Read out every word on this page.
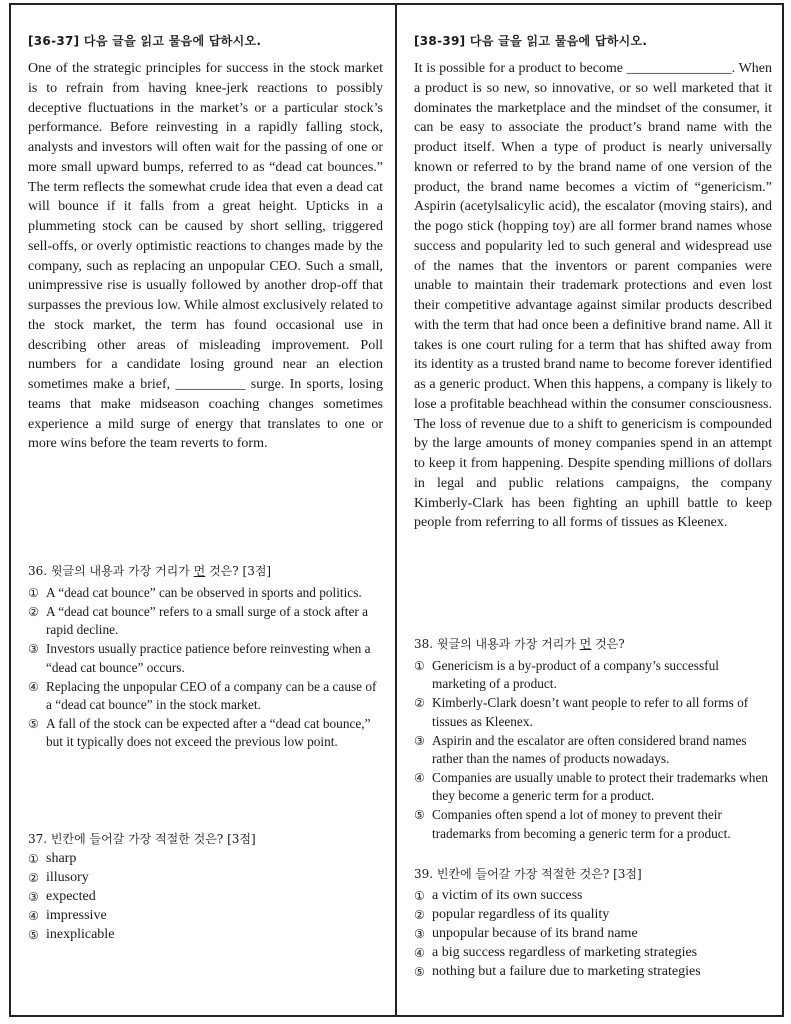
[36-37] 다음 글을 읽고 물음에 답하시오.

One of the strategic principles for success in the stock market is to refrain from having knee-jerk reactions to possibly deceptive fluctuations in the market’s or a particular stock’s performance. Before reinvesting in a rapidly falling stock, analysts and investors will often wait for the passing of one or more small upward bumps, referred to as “dead cat bounces.” The term reflects the somewhat crude idea that even a dead cat will bounce if it falls from a great height. Upticks in a plummeting stock can be caused by short selling, triggered sell-offs, or overly optimistic reactions to changes made by the company, such as replacing an unpopular CEO. Such a small, unimpressive rise is usually followed by another drop-off that surpasses the previous low. While almost exclusively related to the stock market, the term has found occasional use in describing other areas of misleading improvement. Poll numbers for a candidate losing ground near an election sometimes make a brief, __________ surge. In sports, losing teams that make midseason coaching changes sometimes experience a mild surge of energy that translates to one or more wins before the team reverts to form.

36. 윗글의 내용과 가장 거리가 먼 것은? [3점]
① A “dead cat bounce” can be observed in sports and politics.
② A “dead cat bounce” refers to a small surge of a stock after a rapid decline.
③ Investors usually practice patience before reinvesting when a “dead cat bounce” occurs.
④ Replacing the unpopular CEO of a company can be a cause of a “dead cat bounce” in the stock market.
⑤ A fall of the stock can be expected after a “dead cat bounce,” but it typically does not exceed the previous low point.
37. 빈칸에 들어갈 가장 적절한 것은? [3점]
① sharp
② illusory
③ expected
④ impressive
⑤ inexplicable
[38-39] 다음 글을 읽고 물음에 답하시오.

It is possible for a product to become _______________. When a product is so new, so innovative, or so well marketed that it dominates the marketplace and the mindset of the consumer, it can be easy to associate the product’s brand name with the product itself. When a type of product is nearly universally known or referred to by the brand name of one version of the product, the brand name becomes a victim of “genericism.” Aspirin (acetylsalicylic acid), the escalator (moving stairs), and the pogo stick (hopping toy) are all former brand names whose success and popularity led to such general and widespread use of the names that the inventors or parent companies were unable to maintain their trademark protections and even lost their competitive advantage against similar products described with the term that had once been a definitive brand name. All it takes is one court ruling for a term that has shifted away from its identity as a trusted brand name to become forever identified as a generic product. When this happens, a company is likely to lose a profitable beachhead within the consumer consciousness. The loss of revenue due to a shift to genericism is compounded by the large amounts of money companies spend in an attempt to keep it from happening. Despite spending millions of dollars in legal and public relations campaigns, the company Kimberly-Clark has been fighting an uphill battle to keep people from referring to all forms of tissues as Kleenex.

38. 윗글의 내용과 가장 거리가 먼 것은?
① Genericism is a by-product of a company’s successful marketing of a product.
② Kimberly-Clark doesn’t want people to refer to all forms of tissues as Kleenex.
③ Aspirin and the escalator are often considered brand names rather than the names of products nowadays.
④ Companies are usually unable to protect their trademarks when they become a generic term for a product.
⑤ Companies often spend a lot of money to prevent their trademarks from becoming a generic term for a product.
39. 빈칸에 들어갈 가장 적절한 것은? [3점]
① a victim of its own success
② popular regardless of its quality
③ unpopular because of its brand name
④ a big success regardless of marketing strategies
⑤ nothing but a failure due to marketing strategies
